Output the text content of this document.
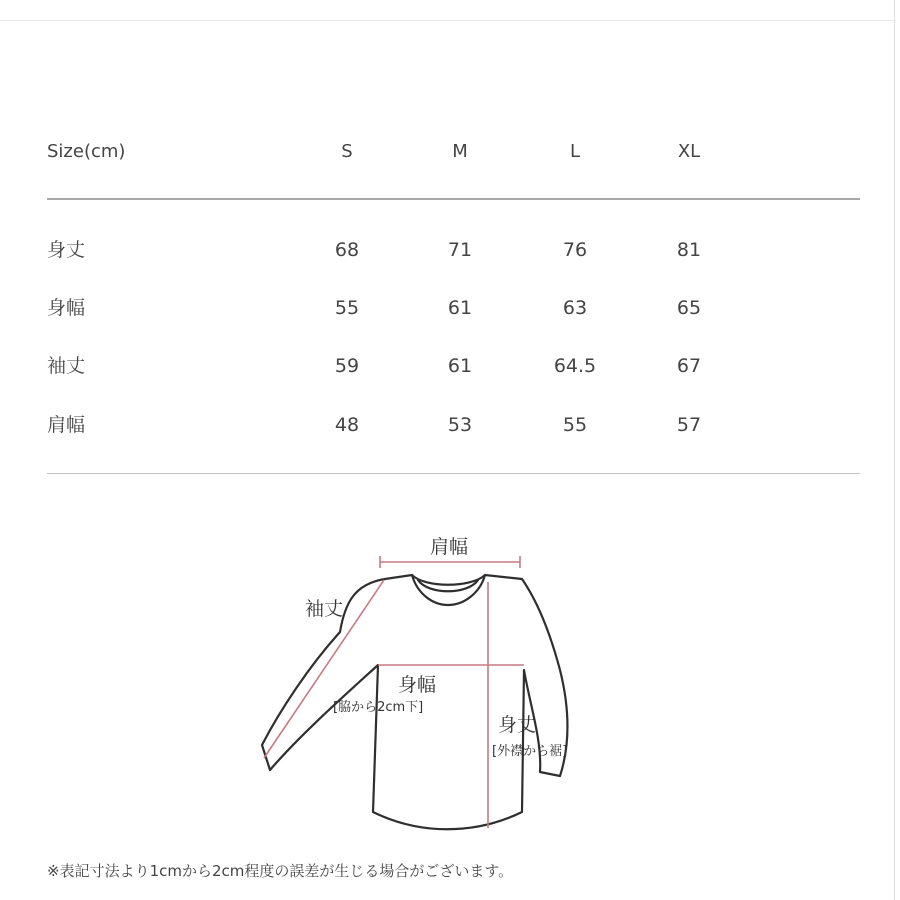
Size(cm)	S	M	L	XL
身丈	68	71	76	81
身幅	55	61	63	65
袖丈	59	61	64.5	67
肩幅	48	53	55	57
肩幅
袖丈
身幅
[脇から2cm下]
身丈
[外襟から裾]
※表記寸法より1cmから2cm程度の誤差が生じる場合がございます。
